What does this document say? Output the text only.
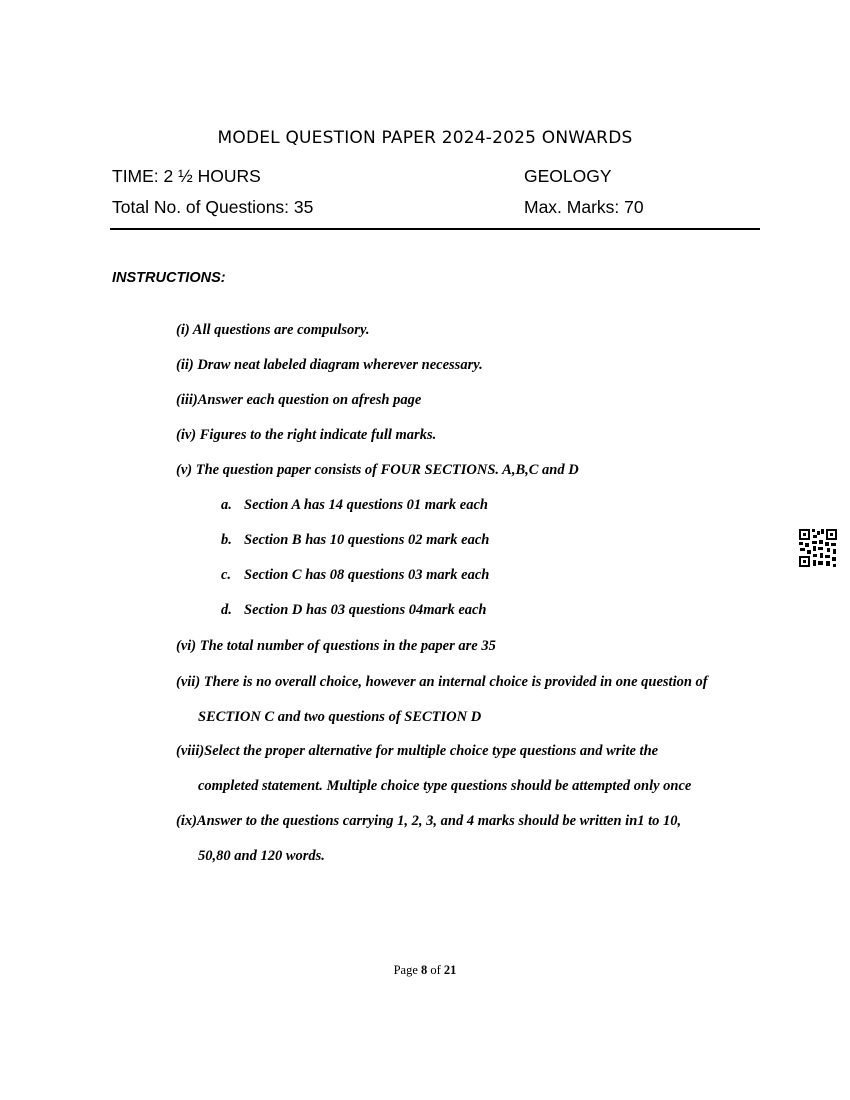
MODEL QUESTION PAPER 2024-2025 ONWARDS
TIME: 2 ½ HOURS	GEOLOGY
Total No. of Questions: 35	Max. Marks: 70
INSTRUCTIONS:
(i) All questions are compulsory.
(ii) Draw neat labeled diagram wherever necessary.
(iii)Answer each question on afresh page
(iv) Figures to the right indicate full marks.
(v) The question paper consists of FOUR SECTIONS. A,B,C and D
a. Section A has 14 questions 01 mark each
b. Section B has 10 questions 02 mark each
c. Section C has 08 questions 03 mark each
d. Section D has 03 questions 04mark each
(vi) The total number of questions in the paper are 35
(vii) There is no overall choice, however an internal choice is provided in one question of
SECTION C and two questions of SECTION D
(viii)Select the proper alternative for multiple choice type questions and write the
completed statement. Multiple choice type questions should be attempted only once
(ix)Answer to the questions carrying 1, 2, 3, and 4 marks should be written in1 to 10,
50,80 and 120 words.
Page 8 of 21
